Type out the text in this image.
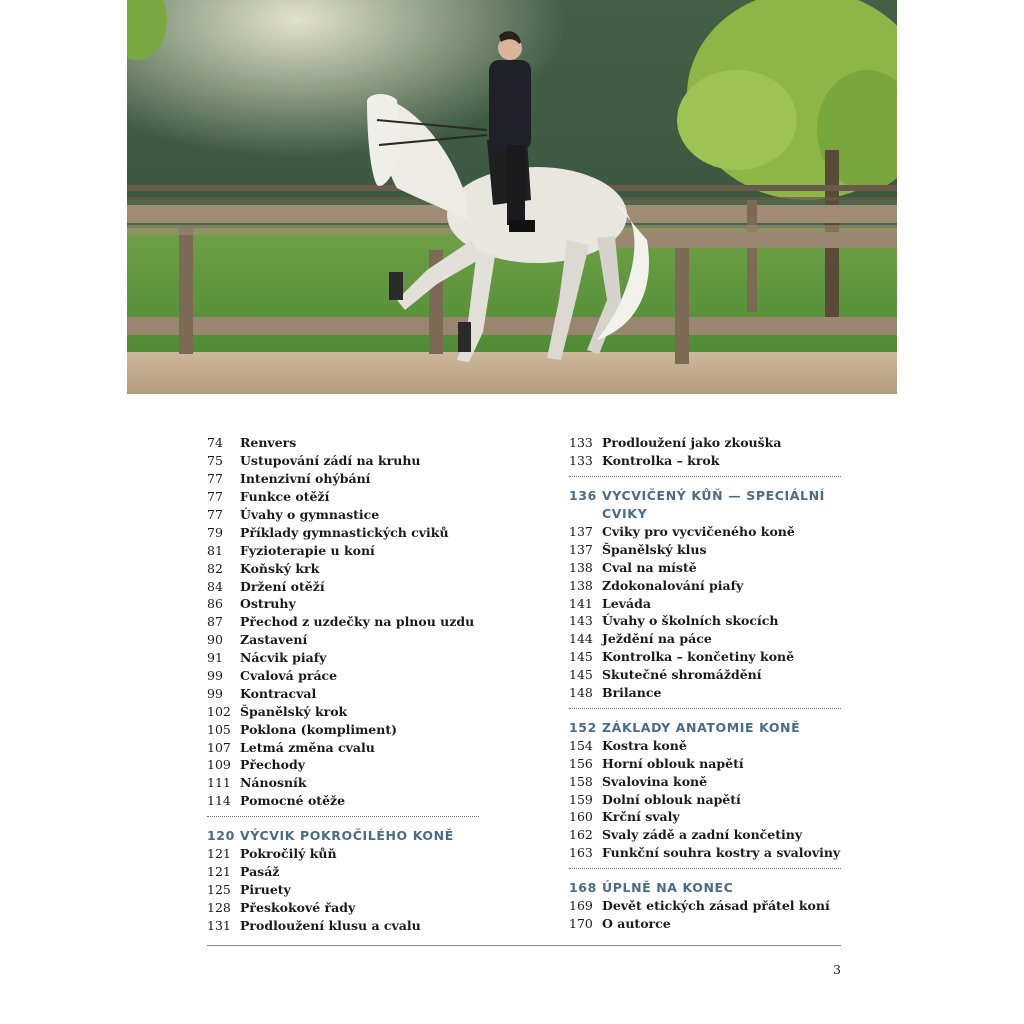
74	Renvers
75	Ustupování zádí na kruhu
77	Intenzivní ohýbání
77	Funkce otěží
77	Úvahy o gymnastice
79	Příklady gymnastických cviků
81	Fyzioterapie u koní
82	Koňský krk
84	Držení otěží
86	Ostruhy
87	Přechod z uzdečky na plnou uzdu
90	Zastavení
91	Nácvik piafy
99	Cvalová práce
99	Kontracval
102 Španělský krok
105 Poklona (kompliment)
107 Letmá změna cvalu
109 Přechody
111 Nánosník
114 Pomocné otěže
120 VÝCVIK POKROČILÉHO KONĚ
121 Pokročilý kůň
121 Pasáž
125 Piruety
128 Přeskokové řady
131 Prodloužení klusu a cvalu
133 Prodloužení jako zkouška
133 Kontrolka – krok
136 VYCVIČENÝ KŮŇ — SPECIÁLNÍ CVIKY
137 Cviky pro vycvičeného koně
137 Španělský klus
138 Cval na místě
138 Zdokonalování piafy
141 Leváda
143 Úvahy o školních skocích
144 Ježdění na páce
145 Kontrolka – končetiny koně
145 Skutečné shromáždění
148 Brilance
152 ZÁKLADY ANATOMIE KONĚ
154 Kostra koně
156 Horní oblouk napětí
158 Svalovina koně
159 Dolní oblouk napětí
160 Krční svaly
162 Svaly zádě a zadní končetiny
163 Funkční souhra kostry a svaloviny
168 ÚPLNĚ NA KONEC
169 Devět etických zásad přátel koní
170 O autorce
3
